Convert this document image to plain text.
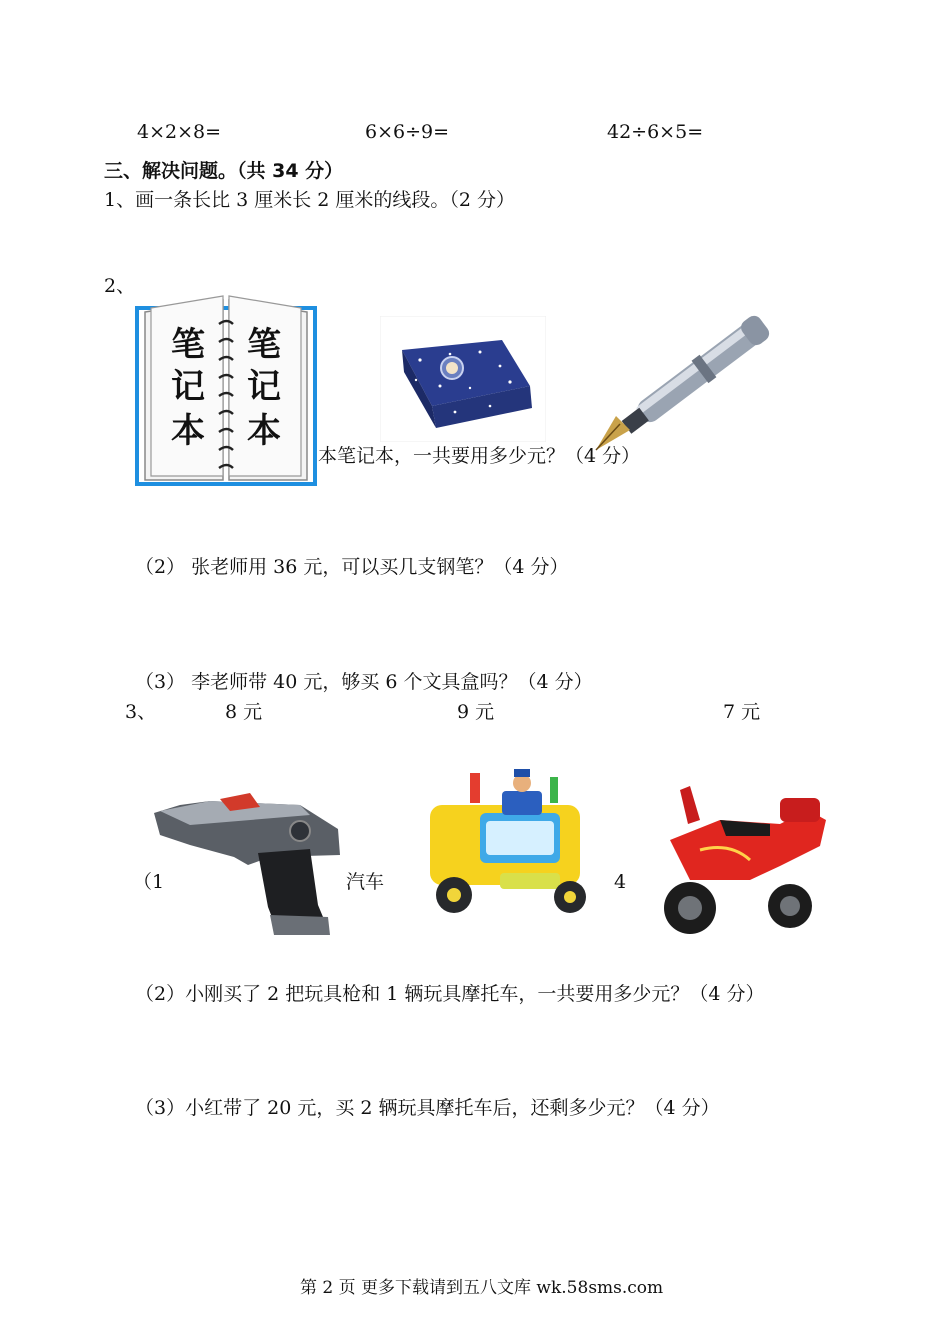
4×2×8=	6×6÷9=	42÷6×5=
三、解决问题。（共 34 分）
1、画一条长比 3 厘米长 2 厘米的线段。（2 分）
2、
本笔记本，一共要用多少元？（4 分）
笔
记
本
笔
记
本
（2） 张老师用 36 元，可以买几支钢笔？（4 分）
（3） 李老师带 40 元，够买 6 个文具盒吗？（4 分）
3、	8 元	9 元	7 元
（1	汽车	4
（2）小刚买了 2 把玩具枪和 1 辆玩具摩托车，一共要用多少元？（4 分）
（3）小红带了 20 元，买 2 辆玩具摩托车后，还剩多少元？（4 分）
第 2 页 更多下载请到五八文库 wk.58sms.com
